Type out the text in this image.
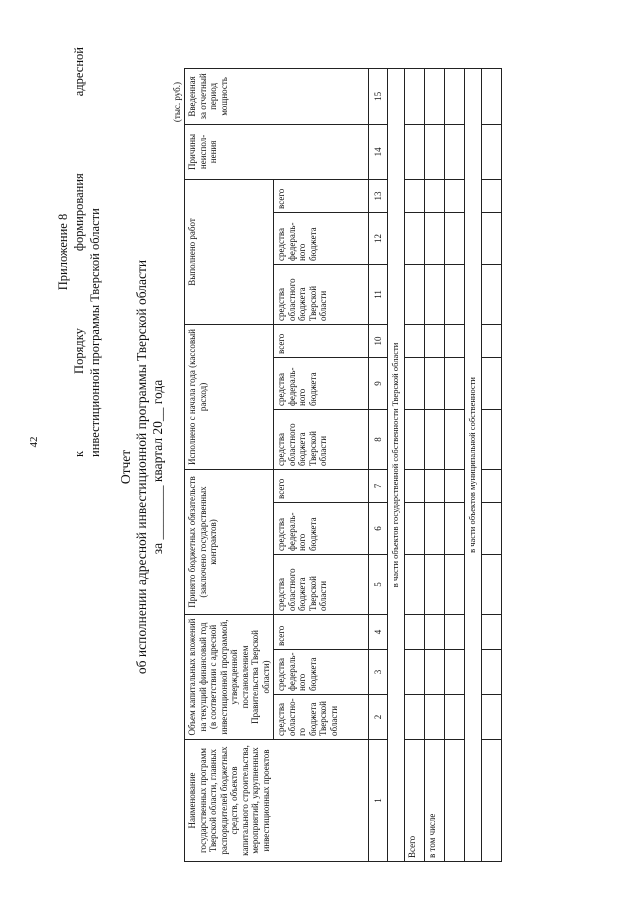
42
Приложение 8
к
Порядку
формирования
адресной
инвестиционной программы Тверской области
Отчет об исполнении адресной инвестиционной программы Тверской области за ________ квартал 20__ года
(тыс. руб.)
Наименование государственных программ Тверской области, главных распорядителей бюджетных средств, объектов капитального строительства, мероприятий, укрупненных инвестиционных проектов	Объем капитальных вложений на текущий финансовый год (в соответствии с адресной инвестиционной программой, утвержденной постановлением Правительства Тверской области)			Принято бюджетных обязательств (заключено государственных контрактов)			Исполнено с начала года (кассовый расход)			Выполнено работ			Причины неиспол-нения	Введенная за отчетный период мощность
	средства областно-го бюджета Тверской области	средства федераль-ного бюджета	всего	средства областного бюджета Тверской области	средства федераль-ного бюджета	всего	средства областного бюджета Тверской области	средства федераль-ного бюджета	всего	средства областного бюджета Тверской области	средства федераль-ного бюджета	всего		
1	2	3	4	5	6	7	8	9	10	11	12	13	14	15
в части объектов государственной собственности Тверской области														
Всего														
в том числе														

в части объектов муниципальной собственности														
